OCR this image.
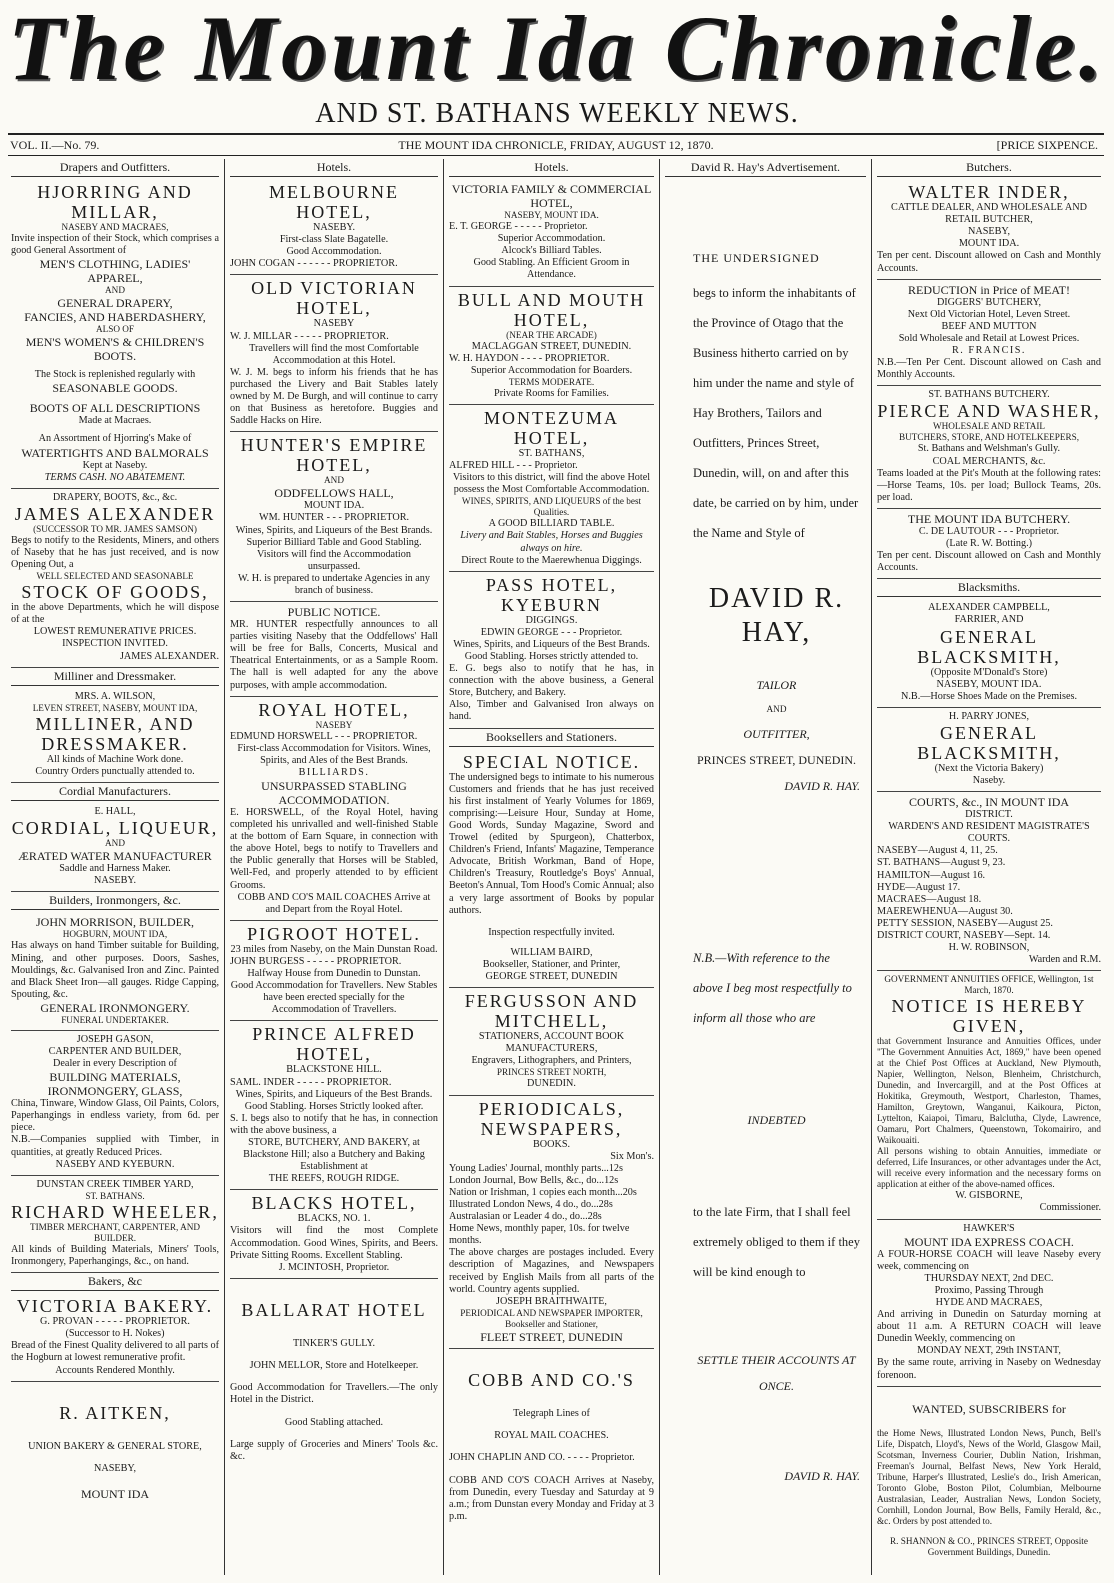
The Mount Ida Chronicle.
AND ST. BATHANS WEEKLY NEWS.
VOL. II.—No. 79.	THE MOUNT IDA CHRONICLE, FRIDAY, AUGUST 12, 1870.	[PRICE SIXPENCE.
Drapers and Outfitters.

HJORRING AND MILLAR,

NASEBY AND MACRAES,

Invite inspection of their Stock, which comprises a good General Assortment of

MEN'S CLOTHING, LADIES' APPAREL,

AND

GENERAL DRAPERY,

FANCIES, AND HABERDASHERY,

ALSO OF

MEN'S WOMEN'S & CHILDREN'S BOOTS.

The Stock is replenished regularly with

SEASONABLE GOODS.

BOOTS OF ALL DESCRIPTIONS

Made at Macraes.

An Assortment of Hjorring's Make of

WATERTIGHTS AND BALMORALS

Kept at Naseby.

TERMS CASH. NO ABATEMENT.

DRAPERY, BOOTS, &c., &c.

JAMES ALEXANDER

(SUCCESSOR TO MR. JAMES SAMSON)

Begs to notify to the Residents, Miners, and others of Naseby that he has just received, and is now Opening Out, a

WELL SELECTED AND SEASONABLE

STOCK OF GOODS,

in the above Departments, which he will dispose of at the

LOWEST REMUNERATIVE PRICES.

INSPECTION INVITED.

JAMES ALEXANDER.

Milliner and Dressmaker.

MRS. A. WILSON,

LEVEN STREET, NASEBY, MOUNT IDA,

MILLINER, AND DRESSMAKER.

All kinds of Machine Work done.

Country Orders punctually attended to.

Cordial Manufacturers.

E. HALL,

CORDIAL, LIQUEUR,

AND

ÆRATED WATER MANUFACTURER

Saddle and Harness Maker.

NASEBY.

Builders, Ironmongers, &c.

JOHN MORRISON, BUILDER,

HOGBURN, MOUNT IDA,

Has always on hand Timber suitable for Building, Mining, and other purposes. Doors, Sashes, Mouldings, &c. Galvanised Iron and Zinc. Painted and Black Sheet Iron—all gauges. Ridge Capping, Spouting, &c.

GENERAL IRONMONGERY.

FUNERAL UNDERTAKER.

JOSEPH GASON,

CARPENTER AND BUILDER,

Dealer in every Description of

BUILDING MATERIALS,

IRONMONGERY, GLASS,

China, Tinware, Window Glass, Oil Paints, Colors, Paperhangings in endless variety, from 6d. per piece.

N.B.—Companies supplied with Timber, in quantities, at greatly Reduced Prices.

NASEBY AND KYEBURN.

DUNSTAN CREEK TIMBER YARD,

ST. BATHANS.

RICHARD WHEELER,

TIMBER MERCHANT, CARPENTER, AND BUILDER.

All kinds of Building Materials, Miners' Tools, Ironmongery, Paperhangings, &c., on hand.

Bakers, &c

VICTORIA BAKERY.

G. PROVAN - - - - - PROPRIETOR.

(Successor to H. Nokes)

Bread of the Finest Quality delivered to all parts of the Hogburn at lowest remunerative profit.

Accounts Rendered Monthly.

R. AITKEN,

UNION BAKERY & GENERAL STORE,

NASEBY,

MOUNT IDA

Hotels.

MELBOURNE HOTEL,

NASEBY.

First-class Slate Bagatelle.

Good Accommodation.

JOHN COGAN - - - - - - PROPRIETOR.

OLD VICTORIAN HOTEL,

NASEBY

W. J. MILLAR - - - - - PROPRIETOR.

Travellers will find the most Comfortable Accommodation at this Hotel.

W. J. M. begs to inform his friends that he has purchased the Livery and Bait Stables lately owned by M. De Burgh, and will continue to carry on that Business as heretofore. Buggies and Saddle Hacks on Hire.

HUNTER'S EMPIRE HOTEL,

AND

ODDFELLOWS HALL,

MOUNT IDA.

WM. HUNTER - - - PROPRIETOR.

Wines, Spirits, and Liqueurs of the Best Brands.

Superior Billiard Table and Good Stabling.

Visitors will find the Accommodation unsurpassed.

W. H. is prepared to undertake Agencies in any branch of business.

PUBLIC NOTICE.

MR. HUNTER respectfully announces to all parties visiting Naseby that the Oddfellows' Hall will be free for Balls, Concerts, Musical and Theatrical Entertainments, or as a Sample Room. The hall is well adapted for any the above purposes, with ample accommodation.

ROYAL HOTEL,

NASEBY

EDMUND HORSWELL - - - PROPRIETOR.

First-class Accommodation for Visitors. Wines, Spirits, and Ales of the Best Brands.

BILLIARDS.

UNSURPASSED STABLING ACCOMMODATION.

E. HORSWELL, of the Royal Hotel, having completed his unrivalled and well-finished Stable at the bottom of Earn Square, in connection with the above Hotel, begs to notify to Travellers and the Public generally that Horses will be Stabled, Well-Fed, and properly attended to by efficient Grooms.

COBB AND CO'S MAIL COACHES Arrive at and Depart from the Royal Hotel.

PIGROOT HOTEL.

23 miles from Naseby, on the Main Dunstan Road.

JOHN BURGESS - - - - - PROPRIETOR.

Halfway House from Dunedin to Dunstan.

Good Accommodation for Travellers. New Stables have been erected specially for the Accommodation of Travellers.

PRINCE ALFRED HOTEL,

BLACKSTONE HILL.

SAML. INDER - - - - - PROPRIETOR.

Wines, Spirits, and Liqueurs of the Best Brands.

Good Stabling. Horses Strictly looked after.

S. I. begs also to notify that he has, in connection with the above business, a

STORE, BUTCHERY, AND BAKERY, at Blackstone Hill; also a Butchery and Baking Establishment at

THE REEFS, ROUGH RIDGE.

BLACKS HOTEL,

BLACKS, NO. 1.

Visitors will find the most Complete Accommodation. Good Wines, Spirits, and Beers. Private Sitting Rooms. Excellent Stabling.

J. MCINTOSH, Proprietor.

BALLARAT HOTEL

TINKER'S GULLY.

JOHN MELLOR, Store and Hotelkeeper.

Good Accommodation for Travellers.—The only Hotel in the District.

Good Stabling attached.

Large supply of Groceries and Miners' Tools &c. &c.

Hotels.

VICTORIA FAMILY & COMMERCIAL

HOTEL,

NASEBY, MOUNT IDA.

E. T. GEORGE - - - - - Proprietor.

Superior Accommodation.

Alcock's Billiard Tables.

Good Stabling. An Efficient Groom in Attendance.

BULL AND MOUTH HOTEL,

(NEAR THE ARCADE)

MACLAGGAN STREET, DUNEDIN.

W. H. HAYDON - - - - PROPRIETOR.

Superior Accommodation for Boarders.

TERMS MODERATE.

Private Rooms for Families.

MONTEZUMA HOTEL,

ST. BATHANS,

ALFRED HILL - - - Proprietor.

Visitors to this district, will find the above Hotel possess the Most Comfortable Accommodation.

WINES, SPIRITS, AND LIQUEURS of the best Qualities.

A GOOD BILLIARD TABLE.

Livery and Bait Stables, Horses and Buggies always on hire.

Direct Route to the Maerewhenua Diggings.

PASS HOTEL, KYEBURN

DIGGINGS.

EDWIN GEORGE - - - Proprietor.

Wines, Spirits, and Liqueurs of the Best Brands.

Good Stabling. Horses strictly attended to.

E. G. begs also to notify that he has, in connection with the above business, a General Store, Butchery, and Bakery.

Also, Timber and Galvanised Iron always on hand.

Booksellers and Stationers.

SPECIAL NOTICE.

The undersigned begs to intimate to his numerous Customers and friends that he has just received his first instalment of Yearly Volumes for 1869, comprising:—Leisure Hour, Sunday at Home, Good Words, Sunday Magazine, Sword and Trowel (edited by Spurgeon), Chatterbox, Children's Friend, Infants' Magazine, Temperance Advocate, British Workman, Band of Hope, Children's Treasury, Routledge's Boys' Annual, Beeton's Annual, Tom Hood's Comic Annual; also a very large assortment of Books by popular authors.

Inspection respectfully invited.

WILLIAM BAIRD,

Bookseller, Stationer, and Printer,

GEORGE STREET, DUNEDIN

FERGUSSON AND MITCHELL,

STATIONERS, ACCOUNT BOOK MANUFACTURERS,

Engravers, Lithographers, and Printers,

PRINCES STREET NORTH,

DUNEDIN.

PERIODICALS, NEWSPAPERS,

BOOKS.

Six Mon's.

Young Ladies' Journal, monthly parts...12s

London Journal, Bow Bells, &c., do...12s

Nation or Irishman, 1 copies each month...20s

Illustrated London News, 4 do., do...28s

Australasian or Leader 4 do., do...28s

Home News, monthly paper, 10s. for twelve months.

The above charges are postages included. Every description of Magazines, and Newspapers received by English Mails from all parts of the world. Country agents supplied.

JOSEPH BRAITHWAITE,

PERIODICAL AND NEWSPAPER IMPORTER, Bookseller and Stationer,

FLEET STREET, DUNEDIN

COBB AND CO.'S

Telegraph Lines of

ROYAL MAIL COACHES.

JOHN CHAPLIN AND CO. - - - - Proprietor.

COBB AND CO'S COACH Arrives at Naseby, from Dunedin, every Tuesday and Saturday at 9 a.m.; from Dunstan every Monday and Friday at 3 p.m.

David R. Hay's Advertisement.

THE UNDERSIGNED

begs to inform the inhabitants of the Province of Otago that the Business hitherto carried on by him under the name and style of Hay Brothers, Tailors and Outfitters, Princes Street, Dunedin, will, on and after this date, be carried on by him, under the Name and Style of

DAVID R. HAY,

TAILOR

AND

OUTFITTER,

PRINCES STREET, DUNEDIN.

DAVID R. HAY.

N.B.—With reference to the above I beg most respectfully to inform all those who are

INDEBTED

to the late Firm, that I shall feel extremely obliged to them if they will be kind enough to

SETTLE THEIR ACCOUNTS AT ONCE.

DAVID R. HAY.

Butchers.

WALTER INDER,

CATTLE DEALER, AND WHOLESALE AND RETAIL BUTCHER,

NASEBY,

MOUNT IDA.

Ten per cent. Discount allowed on Cash and Monthly Accounts.

REDUCTION in Price of MEAT!

DIGGERS' BUTCHERY,

Next Old Victorian Hotel, Leven Street.

BEEF AND MUTTON

Sold Wholesale and Retail at Lowest Prices.

R. FRANCIS.

N.B.—Ten Per Cent. Discount allowed on Cash and Monthly Accounts.

ST. BATHANS BUTCHERY.

PIERCE AND WASHER,

WHOLESALE AND RETAIL

BUTCHERS, STORE, AND HOTELKEEPERS,

St. Bathans and Welshman's Gully.

COAL MERCHANTS, &c.

Teams loaded at the Pit's Mouth at the following rates:—Horse Teams, 10s. per load; Bullock Teams, 20s. per load.

THE MOUNT IDA BUTCHERY.

C. DE LAUTOUR - - - Proprietor.

(Late R. W. Botting.)

Ten per cent. Discount allowed on Cash and Monthly Accounts.

Blacksmiths.

ALEXANDER CAMPBELL,

FARRIER, AND

GENERAL BLACKSMITH,

(Opposite M'Donald's Store)

NASEBY, MOUNT IDA.

N.B.—Horse Shoes Made on the Premises.

H. PARRY JONES,

GENERAL BLACKSMITH,

(Next the Victoria Bakery)

Naseby.

COURTS, &c., IN MOUNT IDA

DISTRICT.

WARDEN'S AND RESIDENT MAGISTRATE'S COURTS.

NASEBY—August 4, 11, 25.

ST. BATHANS—August 9, 23.

HAMILTON—August 16.

HYDE—August 17.

MACRAES—August 18.

MAEREWHENUA—August 30.

PETTY SESSION, NASEBY—August 25.

DISTRICT COURT, NASEBY—Sept. 14.

H. W. ROBINSON,

Warden and R.M.

GOVERNMENT ANNUITIES OFFICE, Wellington, 1st March, 1870.

NOTICE IS HEREBY GIVEN,

that Government Insurance and Annuities Offices, under "The Government Annuities Act, 1869," have been opened at the Chief Post Offices at Auckland, New Plymouth, Napier, Wellington, Nelson, Blenheim, Christchurch, Dunedin, and Invercargill, and at the Post Offices at Hokitika, Greymouth, Westport, Charleston, Thames, Hamilton, Greytown, Wanganui, Kaikoura, Picton, Lyttelton, Kaiapoi, Timaru, Balclutha, Clyde, Lawrence, Oamaru, Port Chalmers, Queenstown, Tokomairiro, and Waikouaiti.

All persons wishing to obtain Annuities, immediate or deferred, Life Insurances, or other advantages under the Act, will receive every information and the necessary forms on application at either of the above-named offices.

W. GISBORNE,

Commissioner.

HAWKER'S

MOUNT IDA EXPRESS COACH.

A FOUR-HORSE COACH will leave Naseby every week, commencing on

THURSDAY NEXT, 2nd DEC.

Proximo, Passing Through

HYDE AND MACRAES,

And arriving in Dunedin on Saturday morning at about 11 a.m. A RETURN COACH will leave Dunedin Weekly, commencing on

MONDAY NEXT, 29th INSTANT,

By the same route, arriving in Naseby on Wednesday forenoon.

WANTED, SUBSCRIBERS for

the Home News, Illustrated London News, Punch, Bell's Life, Dispatch, Lloyd's, News of the World, Glasgow Mail, Scotsman, Inverness Courier, Dublin Nation, Irishman, Freeman's Journal, Belfast News, New York Herald, Tribune, Harper's Illustrated, Leslie's do., Irish American, Toronto Globe, Boston Pilot, Columbian, Melbourne Australasian, Leader, Australian News, London Society, Cornhill, London Journal, Bow Bells, Family Herald, &c., &c. Orders by post attended to.

R. SHANNON & CO., PRINCES STREET, Opposite Government Buildings, Dunedin.
